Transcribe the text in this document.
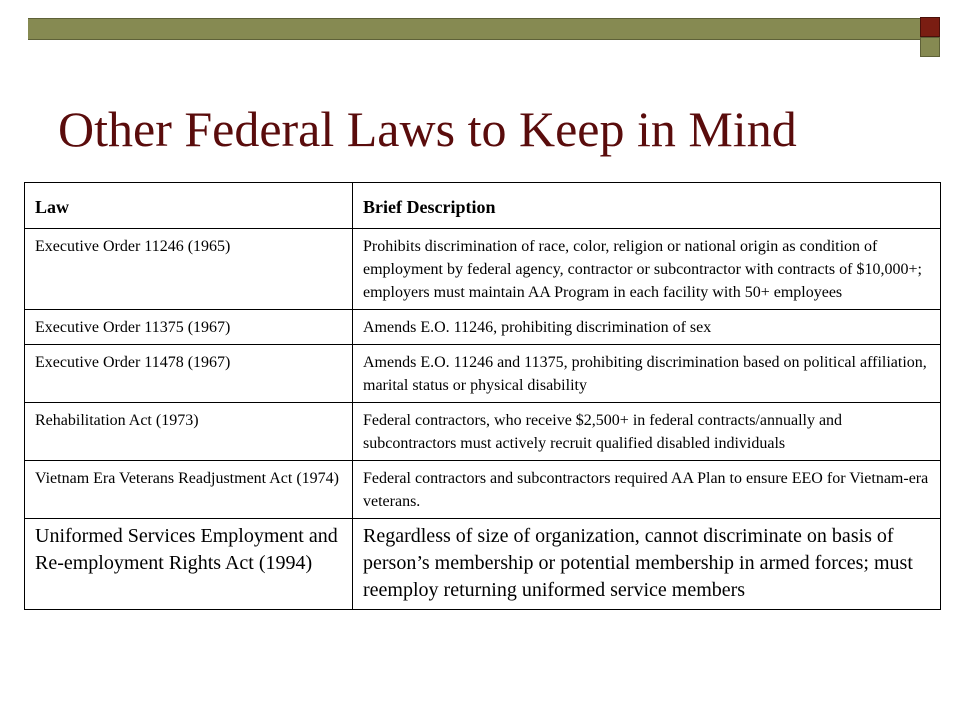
Other Federal Laws to Keep in Mind
Law	Brief Description
Executive Order 11246 (1965)	Prohibits discrimination of race, color, religion or national origin as condition of employment by federal agency, contractor or subcontractor with contracts of $10,000+; employers must maintain AA Program in each facility with 50+ employees
Executive Order 11375 (1967)	Amends E.O. 11246, prohibiting discrimination of sex
Executive Order 11478 (1967)	Amends E.O. 11246 and 11375, prohibiting discrimination based on political affiliation, marital status or physical disability
Rehabilitation Act (1973)	Federal contractors, who receive $2,500+ in federal contracts/annually and subcontractors must actively recruit qualified disabled individuals
Vietnam Era Veterans Readjustment Act (1974)	Federal contractors and subcontractors required AA Plan to ensure EEO for Vietnam-era veterans.
Uniformed Services Employment and Re-employment Rights Act (1994)	Regardless of size of organization, cannot discriminate on basis of person’s membership or potential membership in armed forces; must reemploy returning uniformed service members
